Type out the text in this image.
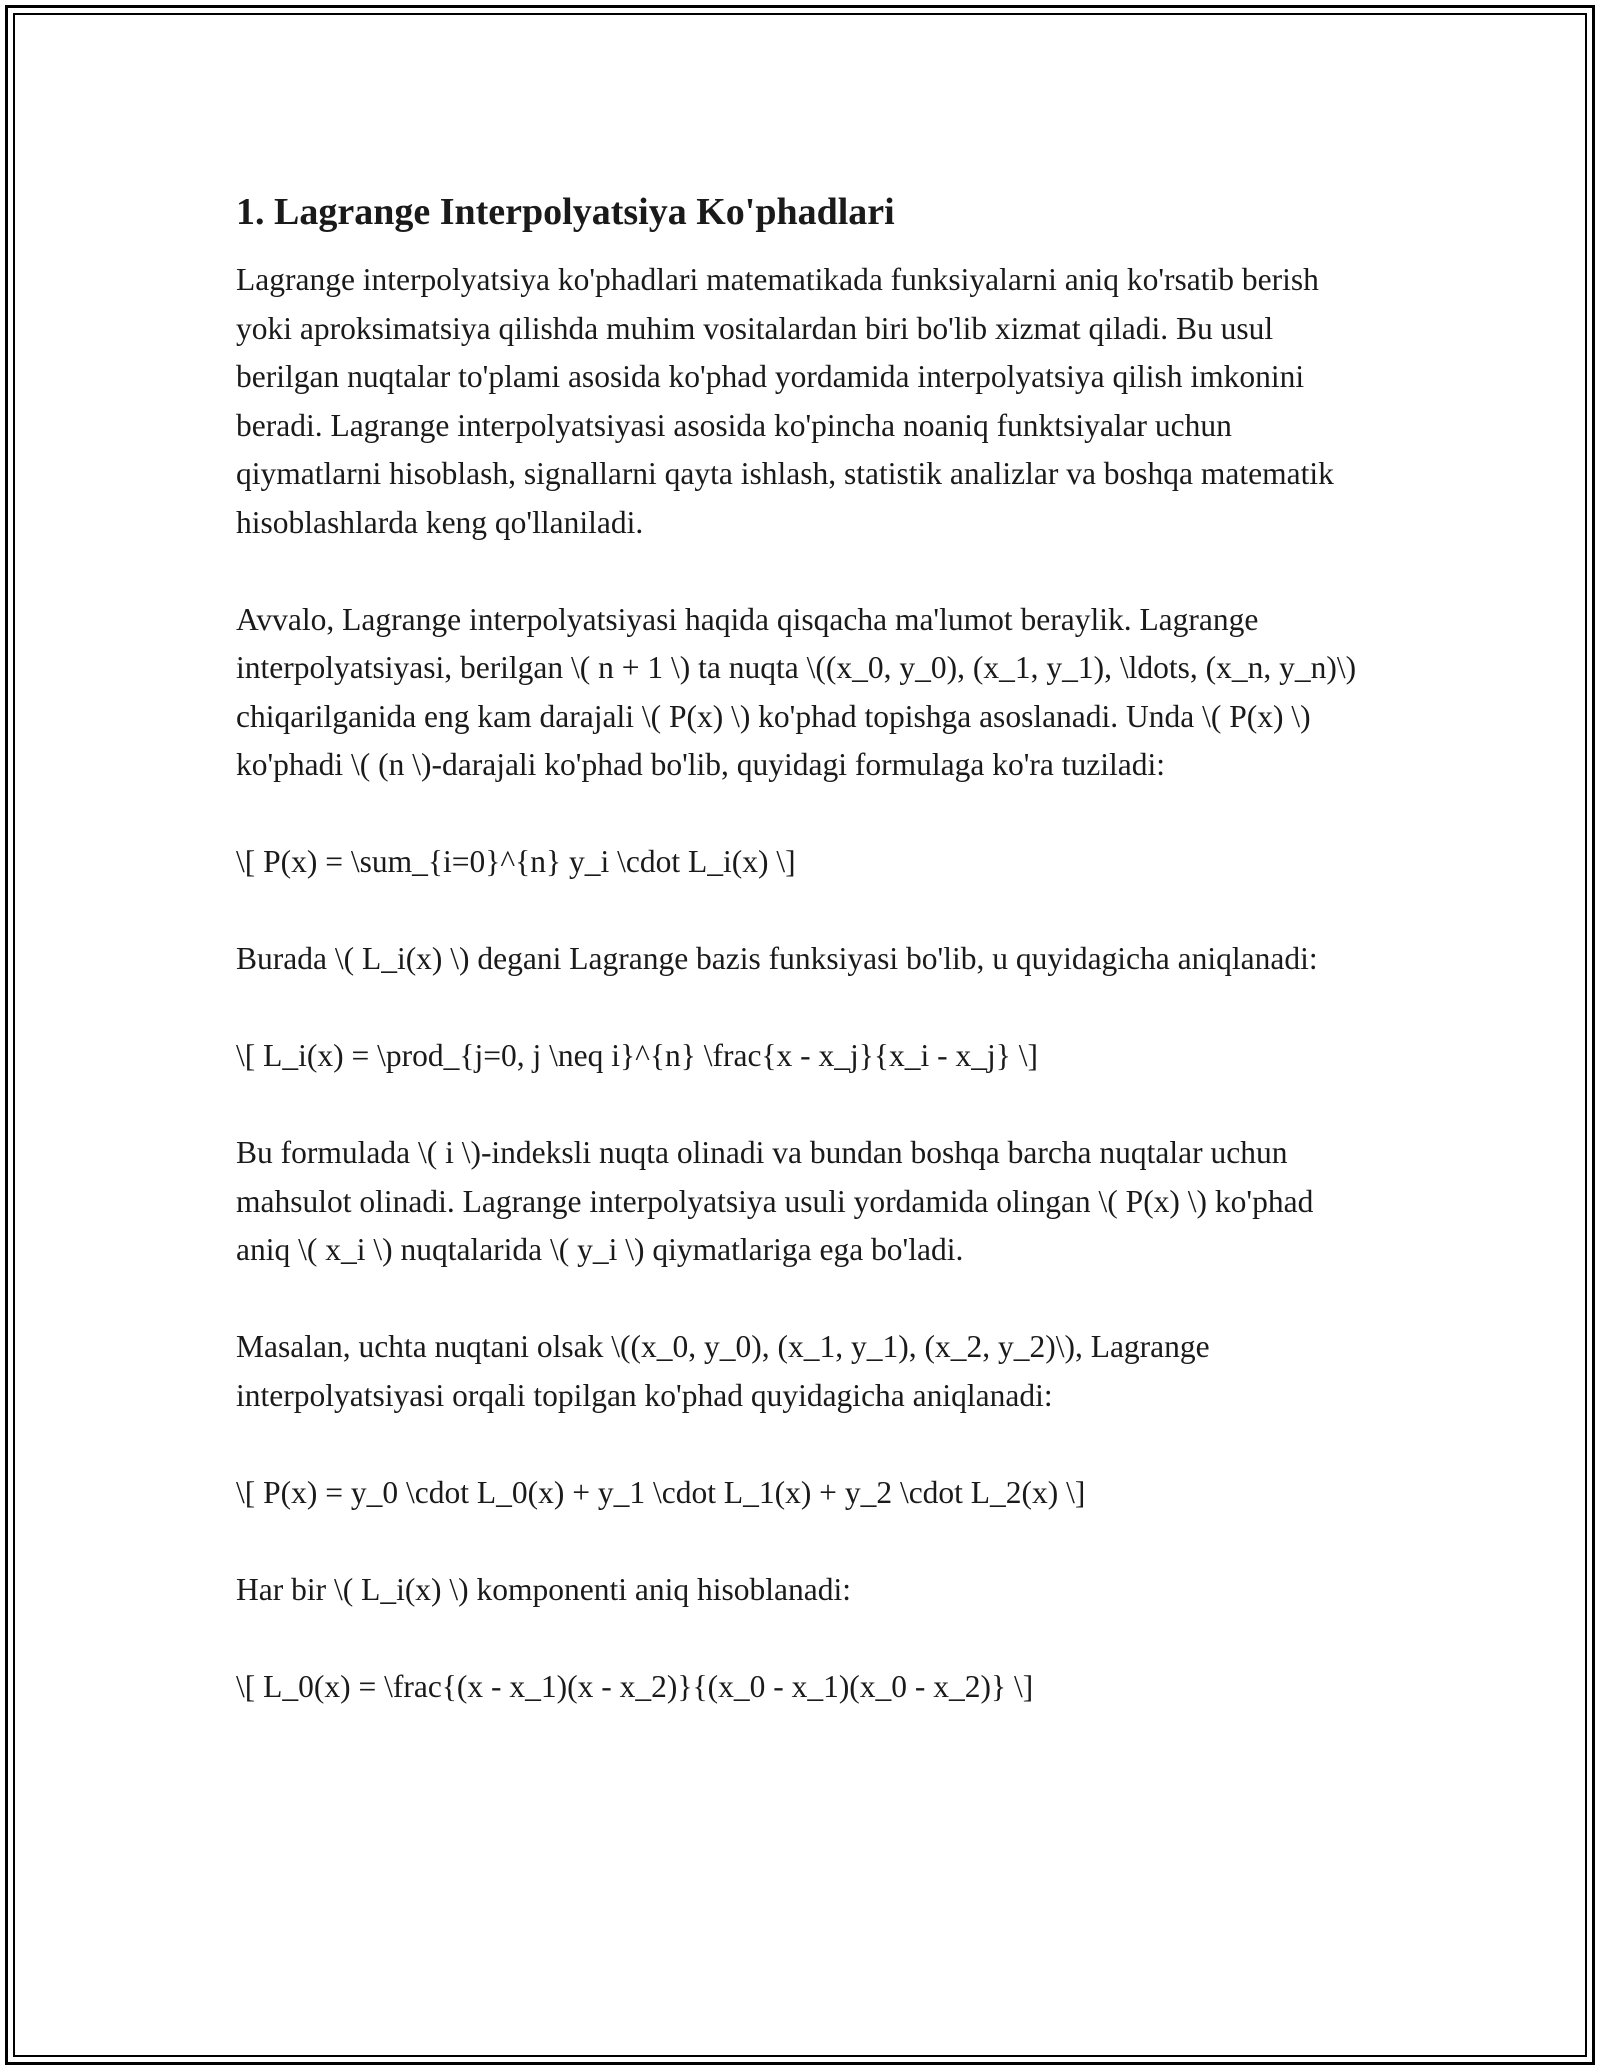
1. Lagrange Interpolyatsiya Ko'phadlari

Lagrange interpolyatsiya ko'phadlari matematikada funksiyalarni aniq ko'rsatib berish yoki aproksimatsiya qilishda muhim vositalardan biri bo'lib xizmat qiladi. Bu usul berilgan nuqtalar to'plami asosida ko'phad yordamida interpolyatsiya qilish imkonini beradi. Lagrange interpolyatsiyasi asosida ko'pincha noaniq funktsiyalar uchun qiymatlarni hisoblash, signallarni qayta ishlash, statistik analizlar va boshqa matematik hisoblashlarda keng qo'llaniladi.

Avvalo, Lagrange interpolyatsiyasi haqida qisqacha ma'lumot beraylik. Lagrange interpolyatsiyasi, berilgan \( n + 1 \) ta nuqta \((x_0, y_0), (x_1, y_1), \ldots, (x_n, y_n)\) chiqarilganida eng kam darajali \( P(x) \) ko'phad topishga asoslanadi. Unda \( P(x) \) ko'phadi \( (n \)-darajali ko'phad bo'lib, quyidagi formulaga ko'ra tuziladi:

\[ P(x) = \sum_{i=0}^{n} y_i \cdot L_i(x) \]

Burada \( L_i(x) \) degani Lagrange bazis funksiyasi bo'lib, u quyidagicha aniqlanadi:

\[ L_i(x) = \prod_{j=0, j \neq i}^{n} \frac{x - x_j}{x_i - x_j} \]

Bu formulada \( i \)-indeksli nuqta olinadi va bundan boshqa barcha nuqtalar uchun mahsulot olinadi. Lagrange interpolyatsiya usuli yordamida olingan \( P(x) \) ko'phad aniq \( x_i \) nuqtalarida \( y_i \) qiymatlariga ega bo'ladi.

Masalan, uchta nuqtani olsak \((x_0, y_0), (x_1, y_1), (x_2, y_2)\), Lagrange interpolyatsiyasi orqali topilgan ko'phad quyidagicha aniqlanadi:

\[ P(x) = y_0 \cdot L_0(x) + y_1 \cdot L_1(x) + y_2 \cdot L_2(x) \]

Har bir \( L_i(x) \) komponenti aniq hisoblanadi:

\[ L_0(x) = \frac{(x - x_1)(x - x_2)}{(x_0 - x_1)(x_0 - x_2)} \]
